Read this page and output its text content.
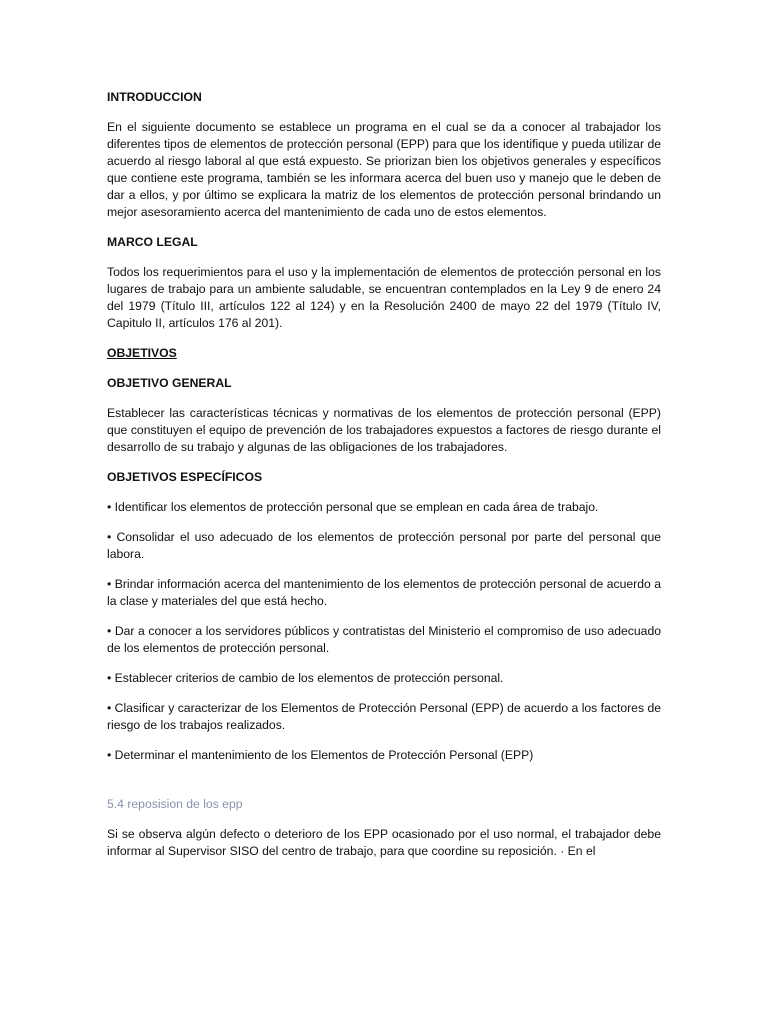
INTRODUCCION

En el siguiente documento se establece un programa en el cual se da a conocer al trabajador los diferentes tipos de elementos de protección personal (EPP) para que los identifique y pueda utilizar de acuerdo al riesgo laboral al que está expuesto. Se priorizan bien los objetivos generales y específicos que contiene este programa, también se les informara acerca del buen uso y manejo que le deben de dar a ellos, y por último se explicara la matriz de los elementos de protección personal brindando un mejor asesoramiento acerca del mantenimiento de cada uno de estos elementos.

MARCO LEGAL

Todos los requerimientos para el uso y la implementación de elementos de protección personal en los lugares de trabajo para un ambiente saludable, se encuentran contemplados en la Ley 9 de enero 24 del 1979 (Título III, artículos 122 al 124) y en la Resolución 2400 de mayo 22 del 1979 (Título IV, Capitulo II, artículos 176 al 201).

OBJETIVOS

OBJETIVO GENERAL

Establecer las características técnicas y normativas de los elementos de protección personal (EPP) que constituyen el equipo de prevención de los trabajadores expuestos a factores de riesgo durante el desarrollo de su trabajo y algunas de las obligaciones de los trabajadores.

OBJETIVOS ESPECÍFICOS

• Identificar los elementos de protección personal que se emplean en cada área de trabajo.

• Consolidar el uso adecuado de los elementos de protección personal por parte del personal que labora.

• Brindar información acerca del mantenimiento de los elementos de protección personal de acuerdo a la clase y materiales del que está hecho.

• Dar a conocer a los servidores públicos y contratistas del Ministerio el compromiso de uso adecuado de los elementos de protección personal.

• Establecer criterios de cambio de los elementos de protección personal.

• Clasificar y caracterizar de los Elementos de Protección Personal (EPP) de acuerdo a los factores de riesgo de los trabajos realizados.

• Determinar el mantenimiento de los Elementos de Protección Personal (EPP)

5.4 reposision de los epp

Si se observa algún defecto o deterioro de los EPP ocasionado por el uso normal, el trabajador debe informar al Supervisor SISO del centro de trabajo, para que coordine su reposición. · En el
